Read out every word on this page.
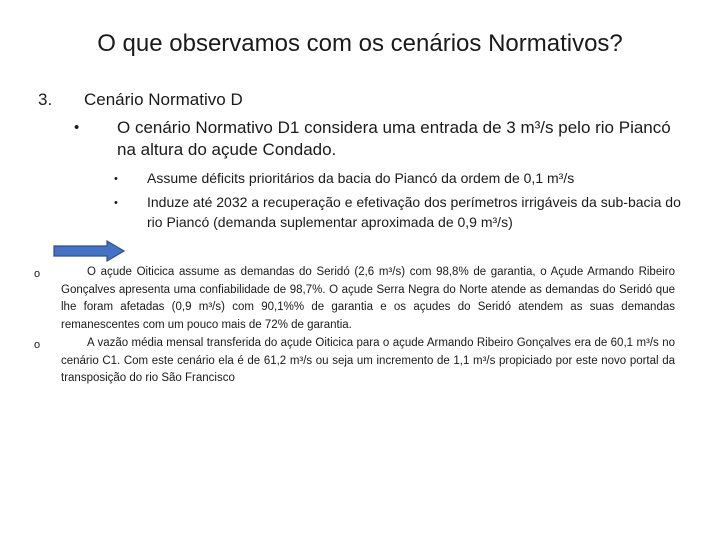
O que observamos com os cenários Normativos?
3. Cenário Normativo D
• O cenário Normativo D1 considera uma entrada de 3 m³/s pelo rio Piancó na altura do açude Condado.
• Assume déficits prioritários da bacia do Piancó da ordem de 0,1 m³/s
• Induze até 2032 a recuperação e efetivação dos perímetros irrigáveis da sub-bacia do rio Piancó (demanda suplementar aproximada de 0,9 m³/s)
o	O açude Oiticica assume as demandas do Seridó (2,6 m³/s) com 98,8% de garantia, o Açude Armando Ribeiro Gonçalves apresenta uma confiabilidade de 98,7%. O açude Serra Negra do Norte atende as demandas do Seridó que lhe foram afetadas (0,9 m³/s) com 90,1%% de garantia e os açudes do Seridó atendem as suas demandas remanescentes com um pouco mais de 72% de garantia.
o	A vazão média mensal transferida do açude Oiticica para o açude Armando Ribeiro Gonçalves era de 60,1 m³/s no cenário C1. Com este cenário ela é de 61,2 m³/s ou seja um incremento de 1,1 m³/s propiciado por este novo portal da transposição do rio São Francisco
